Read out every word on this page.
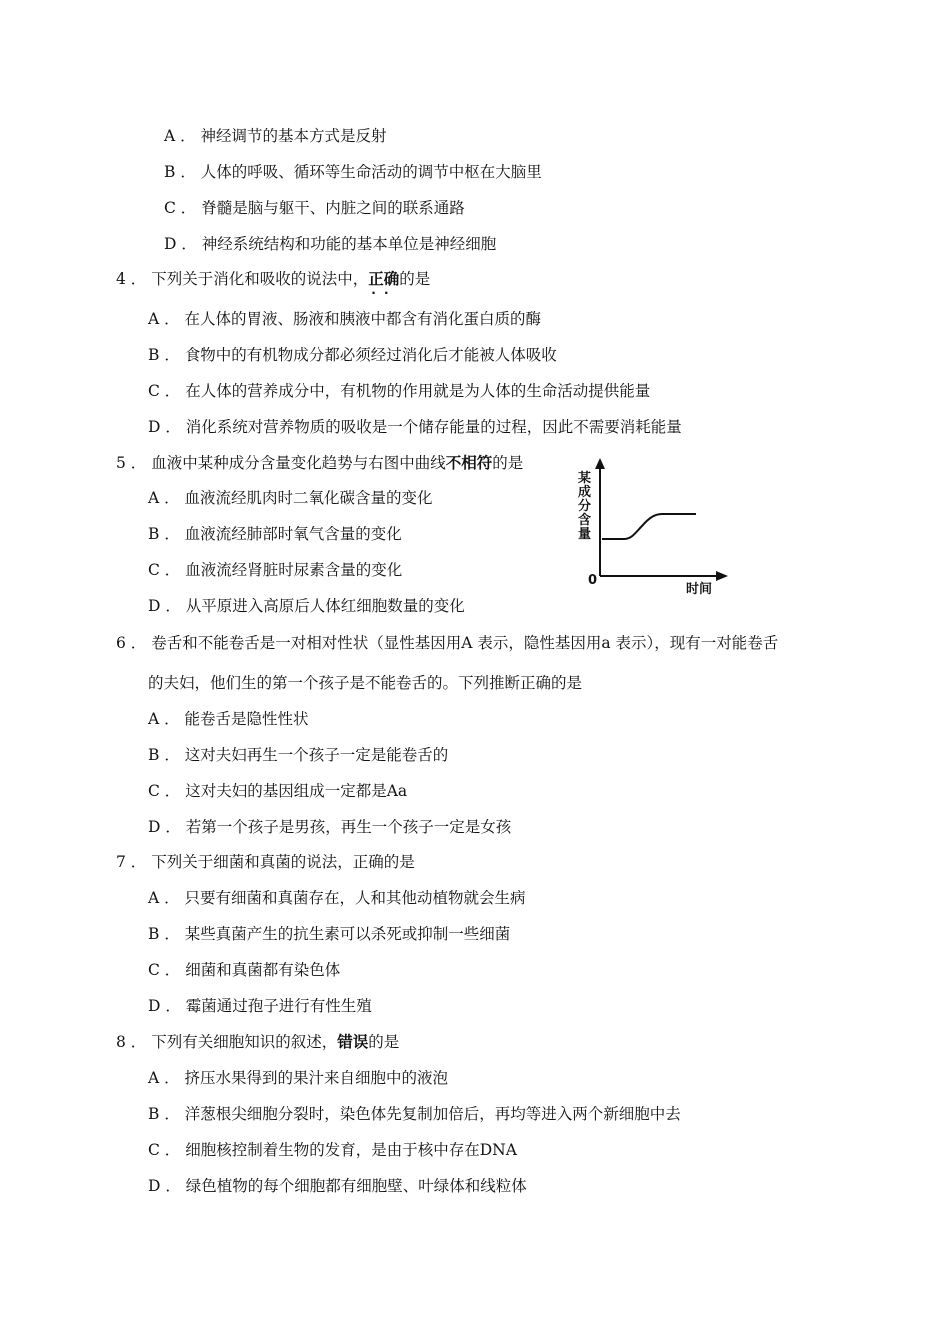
A ． 神经调节的基本方式是反射
B ． 人体的呼吸、循环等生命活动的调节中枢在大脑里
C ． 脊髓是脑与躯干、内脏之间的联系通路
D ． 神经系统结构和功能的基本单位是神经细胞
4 ． 下列关于消化和吸收的说法中，正确 · ·的是
A ． 在人体的胃液、肠液和胰液中都含有消化蛋白质的酶
B ． 食物中的有机物成分都必须经过消化后才能被人体吸收
C ． 在人体的营养成分中，有机物的作用就是为人体的生命活动提供能量
D ． 消化系统对营养物质的吸收是一个储存能量的过程，因此不需要消耗能量
5 ． 血液中某种成分含量变化趋势与右图中曲线不相符的是
A ． 血液流经肌肉时二氧化碳含量的变化
B ． 血液流经肺部时氧气含量的变化
C ． 血液流经肾脏时尿素含量的变化
D ． 从平原进入高原后人体红细胞数量的变化
某成分含量
0
时间
6 ． 卷舌和不能卷舌是一对相对性状（显性基因用A 表示，隐性基因用a 表示），现有一对能卷舌
的夫妇，他们生的第一个孩子是不能卷舌的。下列推断正确的是
A ． 能卷舌是隐性性状
B ． 这对夫妇再生一个孩子一定是能卷舌的
C ． 这对夫妇的基因组成一定都是Aa
D ． 若第一个孩子是男孩，再生一个孩子一定是女孩
7 ． 下列关于细菌和真菌的说法，正确的是
A ． 只要有细菌和真菌存在，人和其他动植物就会生病
B ． 某些真菌产生的抗生素可以杀死或抑制一些细菌
C ． 细菌和真菌都有染色体
D ． 霉菌通过孢子进行有性生殖
8 ． 下列有关细胞知识的叙述，错误的是
A ． 挤压水果得到的果汁来自细胞中的液泡
B ． 洋葱根尖细胞分裂时，染色体先复制加倍后，再均等进入两个新细胞中去
C ． 细胞核控制着生物的发育，是由于核中存在DNA
D ． 绿色植物的每个细胞都有细胞壁、叶绿体和线粒体
